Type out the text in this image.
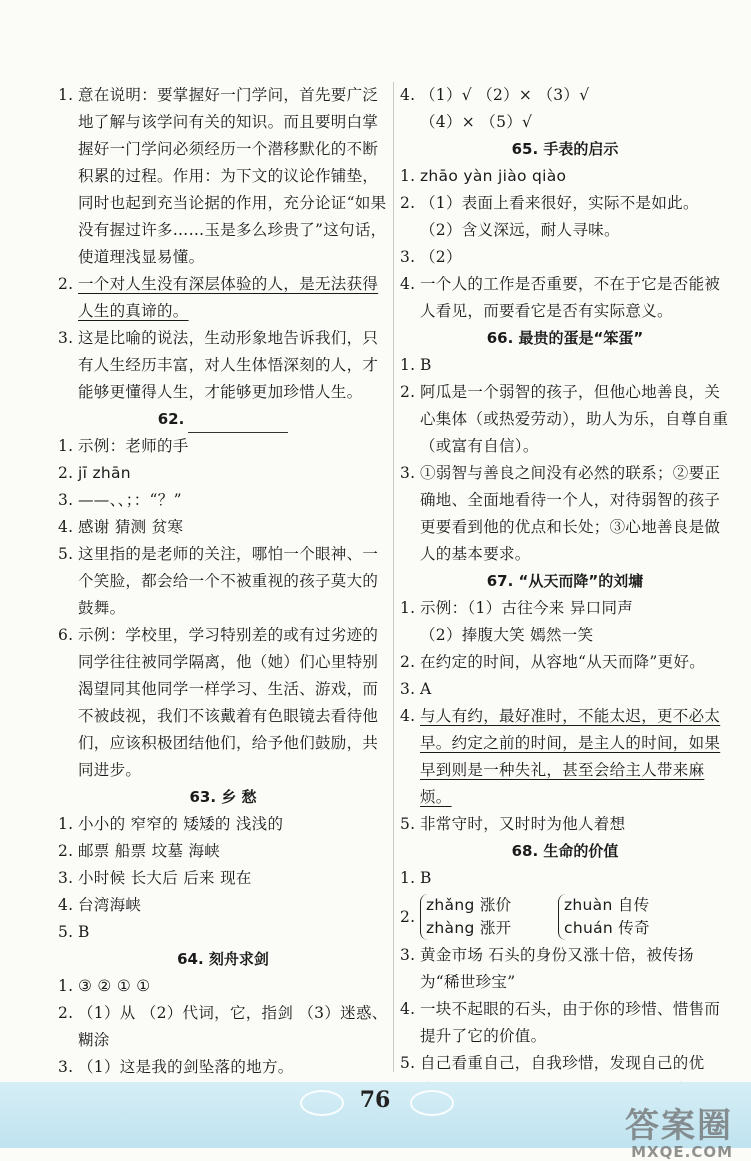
1. 意在说明：要掌握好一门学问，首先要广泛地了解与该学问有关的知识。而且要明白掌握好一门学问必须经历一个潜移默化的不断积累的过程。作用：为下文的议论作铺垫，同时也起到充当论据的作用，充分论证“如果没有握过许多……玉是多么珍贵了”这句话，使道理浅显易懂。
2. 一个对人生没有深层体验的人，是无法获得人生的真谛的。
3. 这是比喻的说法，生动形象地告诉我们，只有人生经历丰富，对人生体悟深刻的人，才能够更懂得人生，才能够更加珍惜人生。
62.
1. 示例：老师的手
2. jī zhān
3. ——、、；：“？”
4. 感谢 猜测 贫寒
5. 这里指的是老师的关注，哪怕一个眼神、一个笑脸，都会给一个不被重视的孩子莫大的鼓舞。
6. 示例：学校里，学习特别差的或有过劣迹的同学往往被同学隔离，他（她）们心里特别渴望同其他同学一样学习、生活、游戏，而不被歧视，我们不该戴着有色眼镜去看待他们，应该积极团结他们，给予他们鼓励，共同进步。
63. 乡 愁
1. 小小的 窄窄的 矮矮的 浅浅的
2. 邮票 船票 坟墓 海峡
3. 小时候 长大后 后来 现在
4. 台湾海峡
5. B
64. 刻舟求剑
1. ③ ② ① ①
2. （1）从 （2）代词，它，指剑 （3）迷惑、糊涂
3. （1）这是我的剑坠落的地方。
4. （1）√ （2）× （3）√
（4）× （5）√
65. 手表的启示
1. zhāo yàn jiào qiào
2. （1）表面上看来很好，实际不是如此。
（2）含义深远，耐人寻味。
3. （2）
4. 一个人的工作是否重要，不在于它是否能被人看见，而要看它是否有实际意义。
66. 最贵的蛋是“笨蛋”
1. B
2. 阿瓜是一个弱智的孩子，但他心地善良，关心集体（或热爱劳动），助人为乐，自尊自重（或富有自信）。
3. ①弱智与善良之间没有必然的联系；②要正确地、全面地看待一个人，对待弱智的孩子更要看到他的优点和长处；③心地善良是做人的基本要求。
67. “从天而降”的刘墉
1. 示例：（1）古往今来 异口同声
（2）捧腹大笑 嫣然一笑
2. 在约定的时间，从容地“从天而降”更好。
3. A
4. 与人有约，最好准时，不能太迟，更不必太早。约定之前的时间，是主人的时间，如果早到则是一种失礼，甚至会给主人带来麻烦。
5. 非常守时，又时时为他人着想
68. 生命的价值
1. B
2.
zhǎng 涨价
zhàng 涨开
zhuàn 自传
chuán 传奇
3. 黄金市场 石头的身份又涨十倍，被传扬为“稀世珍宝”
4. 一块不起眼的石头，由于你的珍惜、惜售而提升了它的价值。
5. 自己看重自己，自我珍惜，发现自己的优
76
答案圈
MXQE.COM
